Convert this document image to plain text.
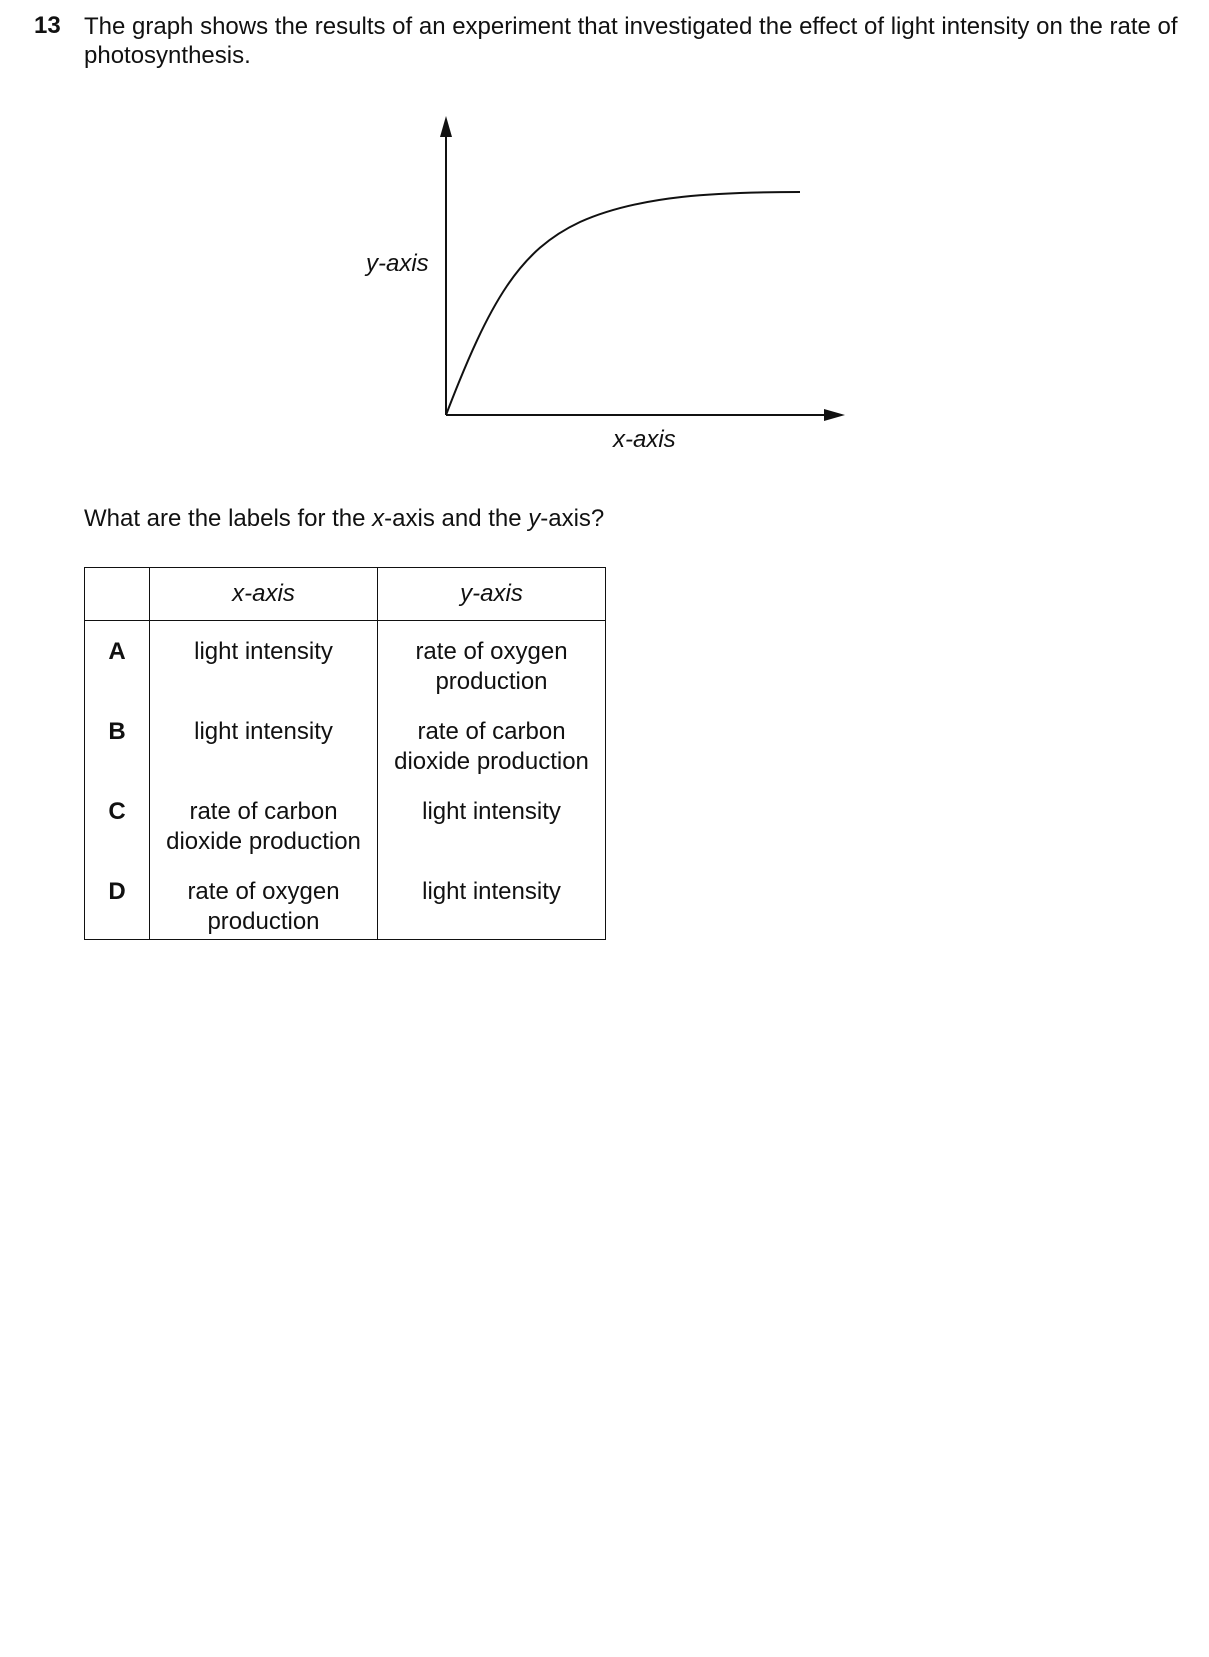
13 The graph shows the results of an experiment that investigated the effect of light intensity on the rate of photosynthesis.
y-axis
x-axis
What are the labels for the x-axis and the y-axis?
	x-axis	y-axis
A	light intensity	rate of oxygen production
B	light intensity	rate of carbon dioxide production
C	rate of carbon dioxide production	light intensity
D	rate of oxygen production	light intensity
